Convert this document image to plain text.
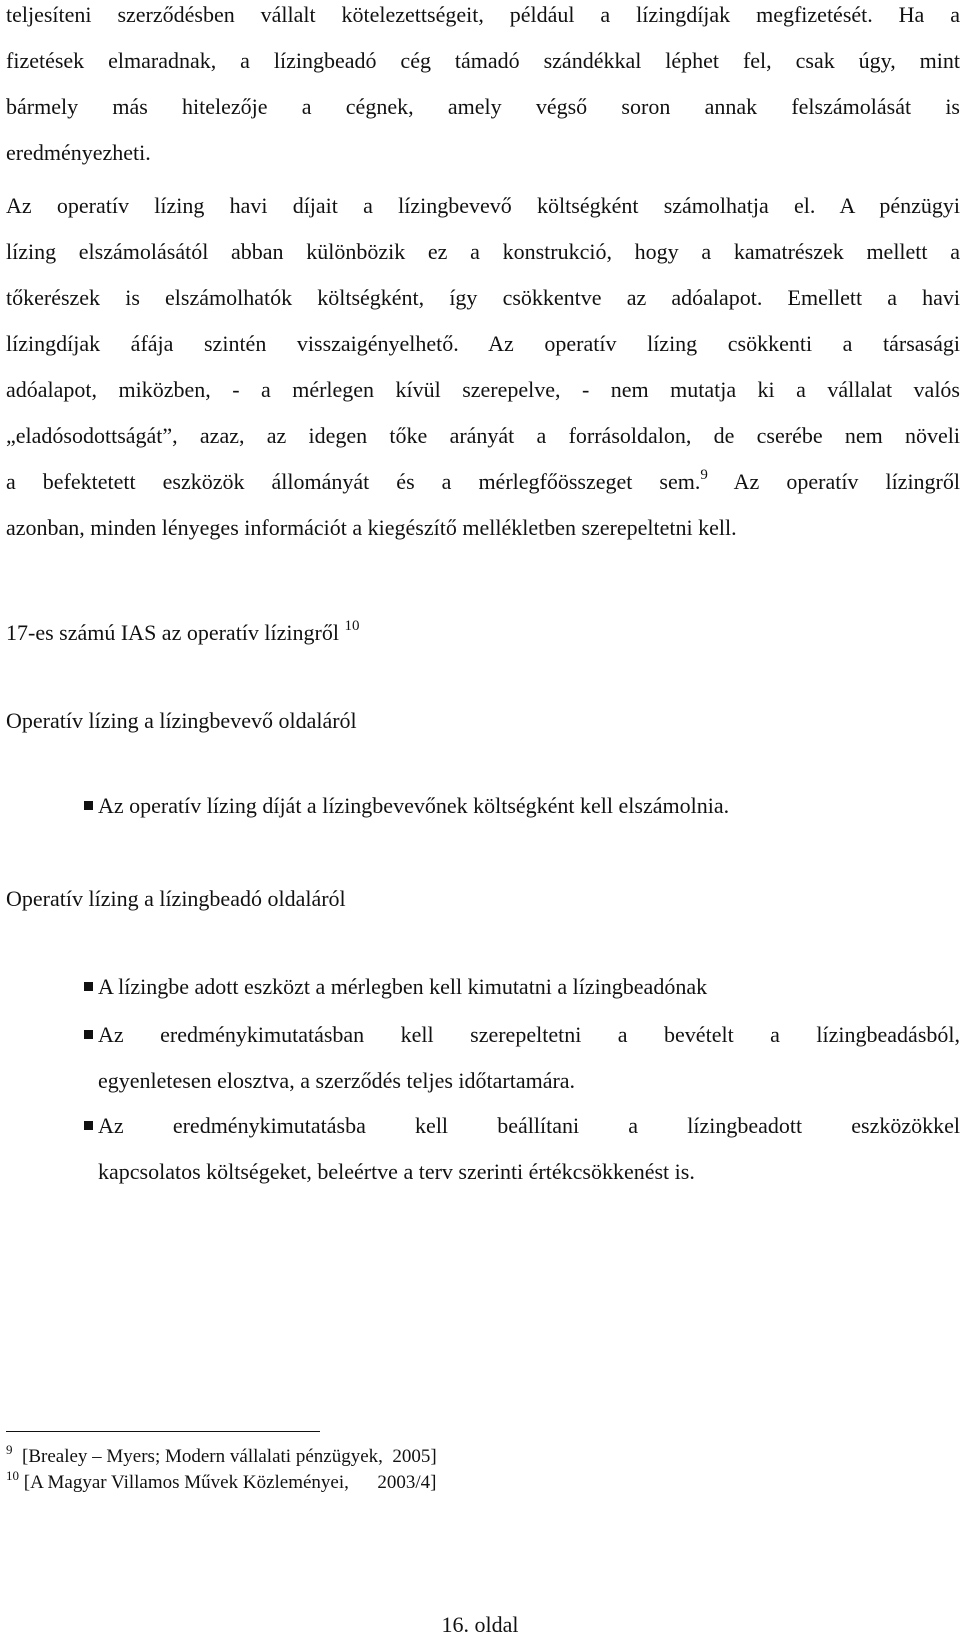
teljesíteni szerződésben vállalt kötelezettségeit, például a lízingdíjak megfizetését. Ha a
fizetések elmaradnak, a lízingbeadó cég támadó szándékkal léphet fel, csak úgy, mint
bármely más hitelezője a cégnek, amely végső soron annak felszámolását is
eredményezheti.
Az operatív lízing havi díjait a lízingbevevő költségként számolhatja el. A pénzügyi
lízing elszámolásától abban különbözik ez a konstrukció, hogy a kamatrészek mellett a
tőkerészek is elszámolhatók költségként, így csökkentve az adóalapot. Emellett a havi
lízingdíjak áfája szintén visszaigényelhető. Az operatív lízing csökkenti a társasági
adóalapot, miközben, - a mérlegen kívül szerepelve, - nem mutatja ki a vállalat valós
„eladósodottságát”, azaz, az idegen tőke arányát a forrásoldalon, de cserébe nem növeli
a befektetett eszközök állományát és a mérlegfőösszeget sem.$^9$ Az operatív lízingről
azonban, minden lényeges információt a kiegészítő mellékletben szerepeltetni kell.
17-es számú IAS az operatív lízingről $^{10}$
Operatív lízing a lízingbevevő oldaláról
Az operatív lízing díját a lízingbevevőnek költségként kell elszámolnia.
Operatív lízing a lízingbeadó oldaláról
A lízingbe adott eszközt a mérlegben kell kimutatni a lízingbeadónak
Az eredménykimutatásban kell szerepeltetni a bevételt a lízingbeadásból,
egyenletesen elosztva, a szerződés teljes időtartamára.
Az eredménykimutatásba kell beállítani a lízingbeadott eszközökkel
kapcsolatos költségeket, beleértve a terv szerinti értékcsökkenést is.
$^9$  [Brealey – Myers; Modern vállalati pénzügyek,  2005]
$^{10}$ [A Magyar Villamos Művek Közleményei,      2003/4]
16. oldal
